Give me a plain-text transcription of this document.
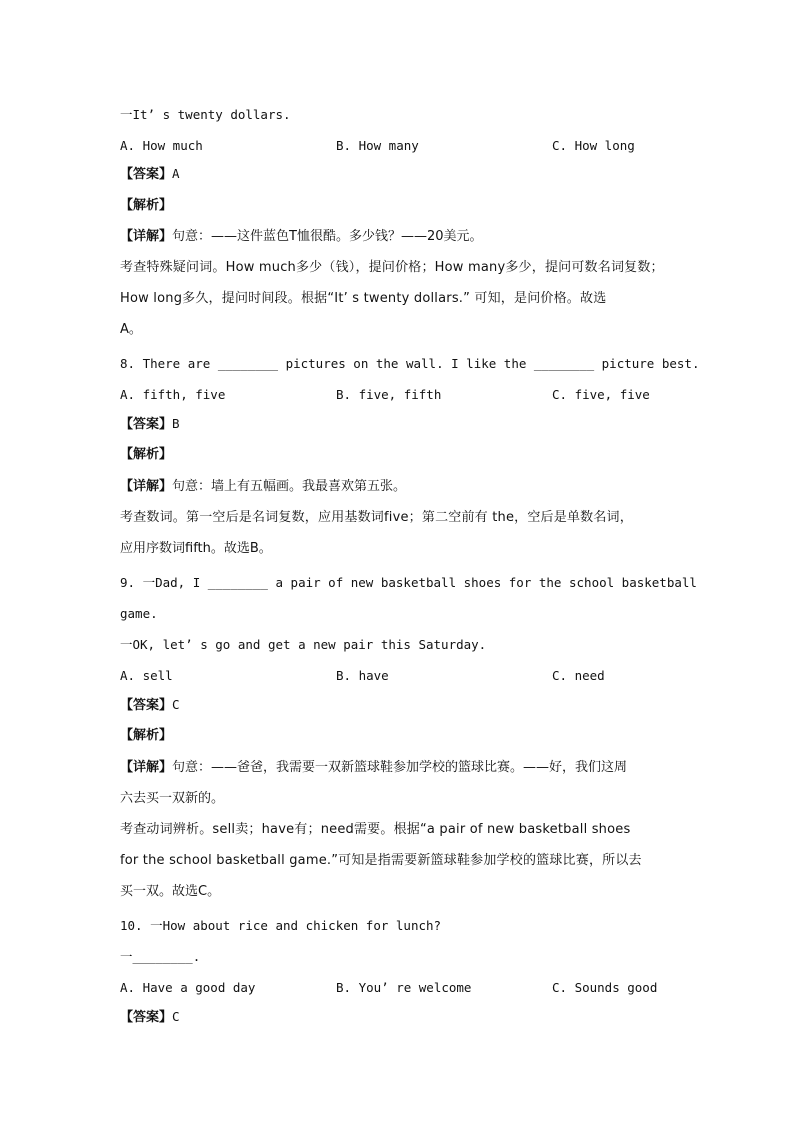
一It’ s twenty dollars.
A. How much	B. How many	C. How long
【答案】A
【解析】
【详解】句意：——这件蓝色T恤很酷。多少钱？——20美元。
考查特殊疑问词。How much多少（钱），提问价格；How many多少，提问可数名词复数；
How long多久，提问时间段。根据“It’ s twenty dollars.” 可知，是问价格。故选
A。
8. There are ________ pictures on the wall. I like the ________ picture best.
A. fifth, five	B. five, fifth	C. five, five
【答案】B
【解析】
【详解】句意：墙上有五幅画。我最喜欢第五张。
考查数词。第一空后是名词复数，应用基数词five；第二空前有 the，空后是单数名词，
应用序数词fifth。故选B。
9. 一Dad, I ________ a pair of new basketball shoes for the school basketball
game.
一OK, let’ s go and get a new pair this Saturday.
A. sell	B. have	C. need
【答案】C
【解析】
【详解】句意：——爸爸，我需要一双新篮球鞋参加学校的篮球比赛。——好，我们这周
六去买一双新的。
考查动词辨析。sell卖；have有；need需要。根据“a pair of new basketball shoes
for the school basketball game.”可知是指需要新篮球鞋参加学校的篮球比赛，所以去
买一双。故选C。
10. 一How about rice and chicken for lunch?
一________.
A. Have a good day	B. You’ re welcome	C. Sounds good
【答案】C
